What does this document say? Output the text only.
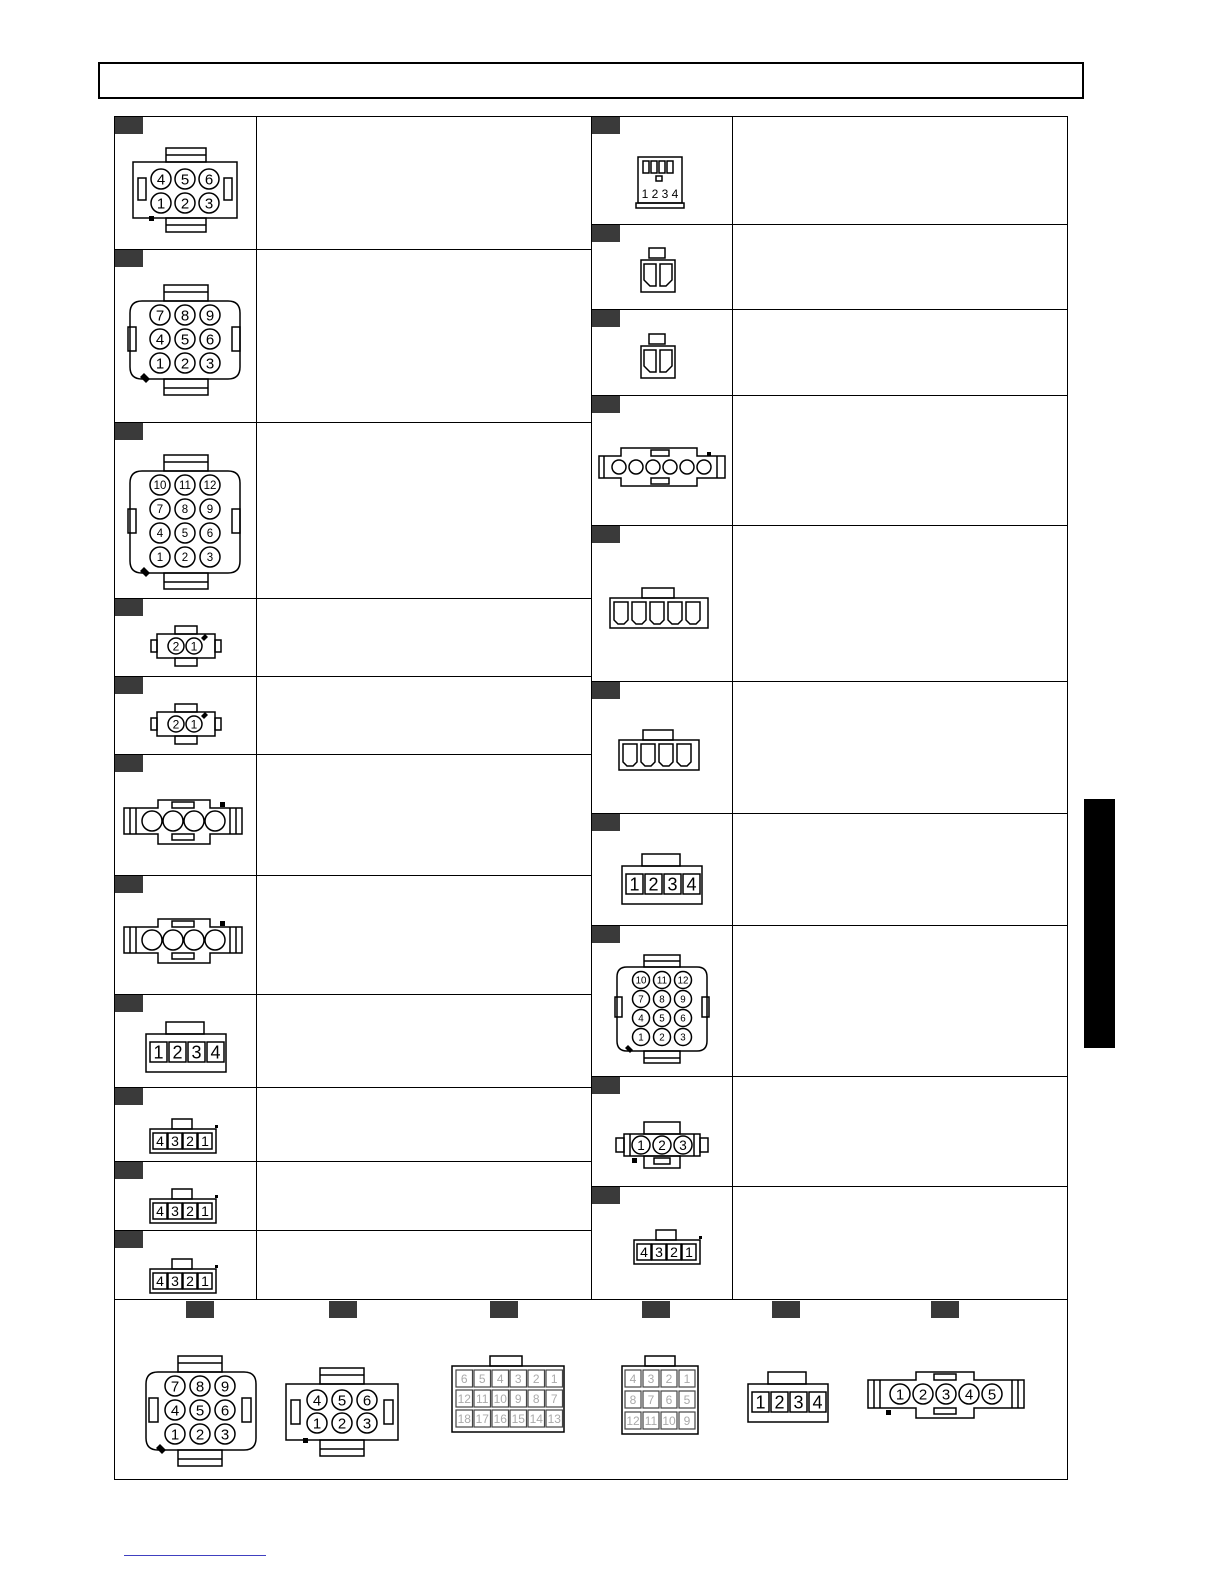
4 5 6
1 2 3
7 8 9
4 5 6
1 2 3
10 11 12
7 8 9
4 5 6
1 2 3
2 1
2 1
1 2 3 4
4 3 2 1
4 3 2 1
4 3 2 1
1 2 3 4
1 2 3 4
10 11 12
7 8 9
4 5 6
1 2 3
1 2 3
4 3 2 1
7 8 9
4 5 6
1 2 3
4 5 6
1 2 3
6 5 4 3 2 1
12 11 10 9 8 7
18 17 16 15 14 13
4 3 2 1
8 7 6 5
12 11 10 9
1 2 3 4	1 2 3 4 5
